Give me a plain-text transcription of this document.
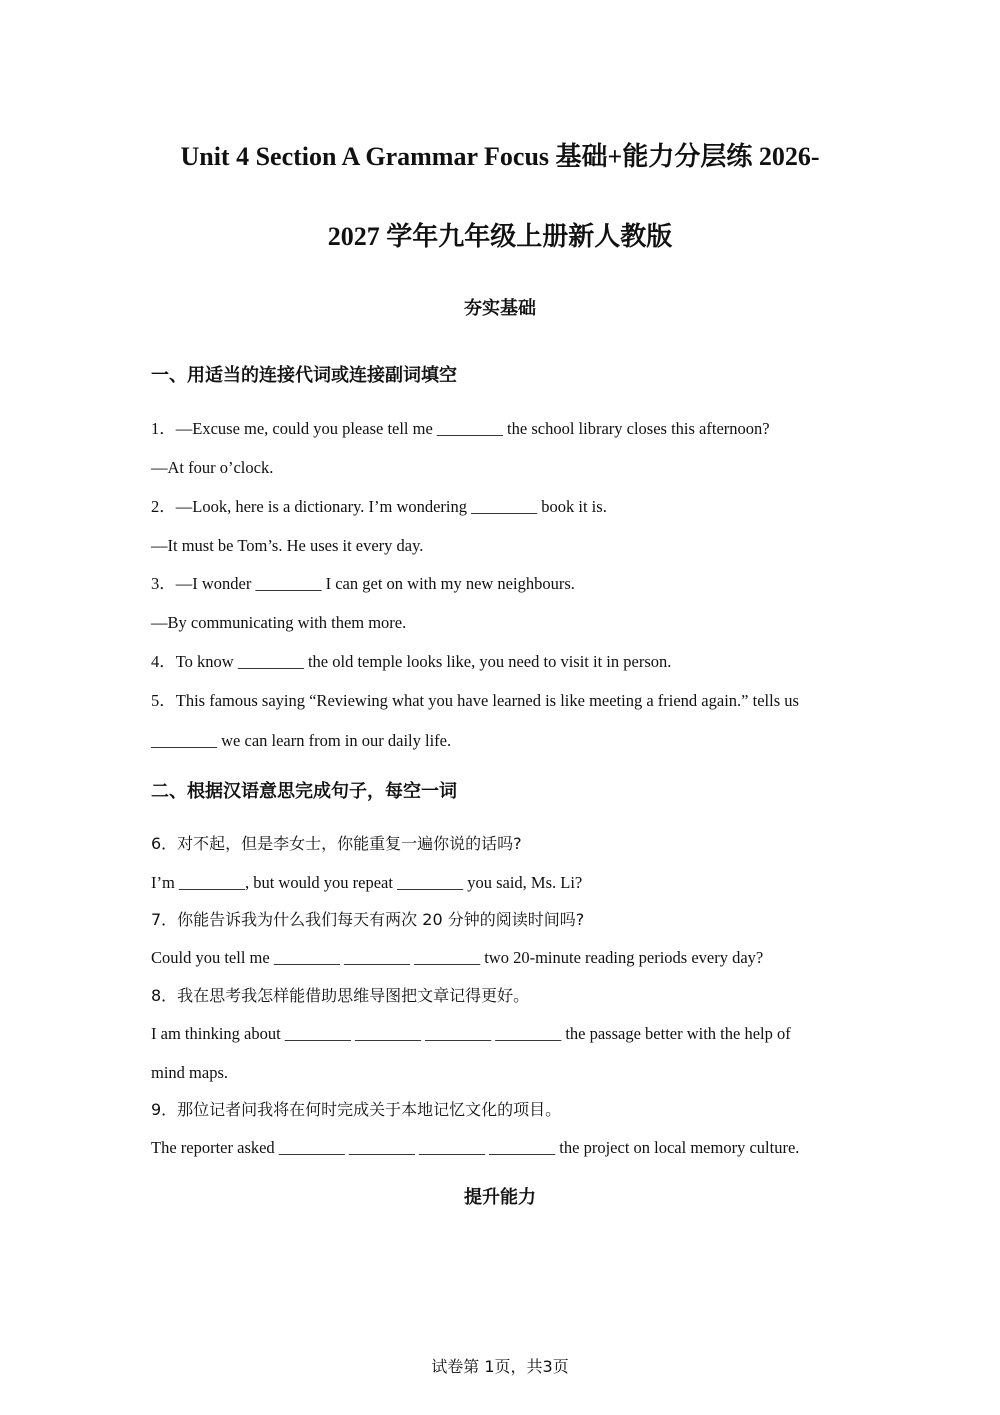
Unit 4 Section A Grammar Focus 基础+能力分层练 2026-
2027 学年九年级上册新人教版
夯实基础
一、用适当的连接代词或连接副词填空
1．—Excuse me, could you please tell me ________ the school library closes this afternoon?
—At four o’clock.
2．—Look, here is a dictionary. I’m wondering ________ book it is.
—It must be Tom’s. He uses it every day.
3．—I wonder ________ I can get on with my new neighbours.
—By communicating with them more.
4．To know ________ the old temple looks like, you need to visit it in person.
5．This famous saying “Reviewing what you have learned is like meeting a friend again.” tells us
________ we can learn from in our daily life.
二、根据汉语意思完成句子，每空一词
6．对不起，但是李女士，你能重复一遍你说的话吗?
I’m ________, but would you repeat ________ you said, Ms. Li?
7．你能告诉我为什么我们每天有两次 20 分钟的阅读时间吗?
Could you tell me ________ ________ ________ two 20-minute reading periods every day?
8．我在思考我怎样能借助思维导图把文章记得更好。
I am thinking about ________ ________ ________ ________ the passage better with the help of
mind maps.
9．那位记者问我将在何时完成关于本地记忆文化的项目。
The reporter asked ________ ________ ________ ________ the project on local memory culture.
提升能力
试卷第 1页，共3页
